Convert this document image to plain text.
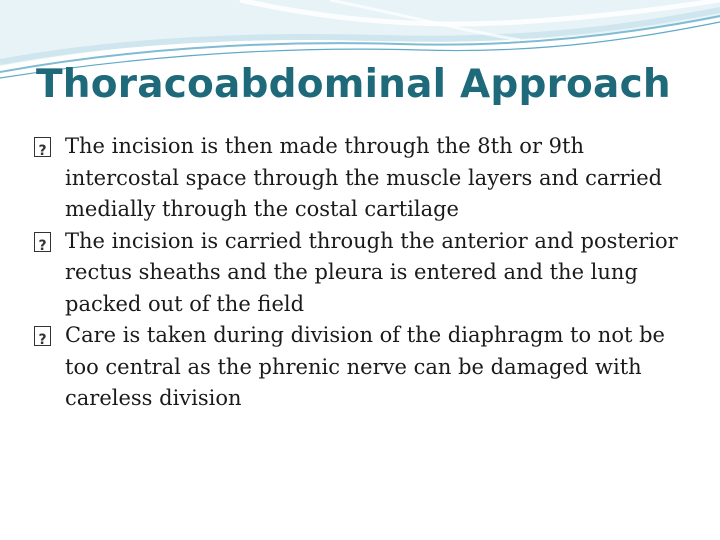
Thoracoabdominal Approach
?
The incision is then made through the 8th or 9th intercostal space through the muscle layers and carried medially through the costal cartilage
?
The incision is carried through the anterior and posterior rectus sheaths and the pleura is entered and the lung packed out of the field
?
Care is taken during division of the diaphragm to not be too central as the phrenic nerve can be damaged with careless division
